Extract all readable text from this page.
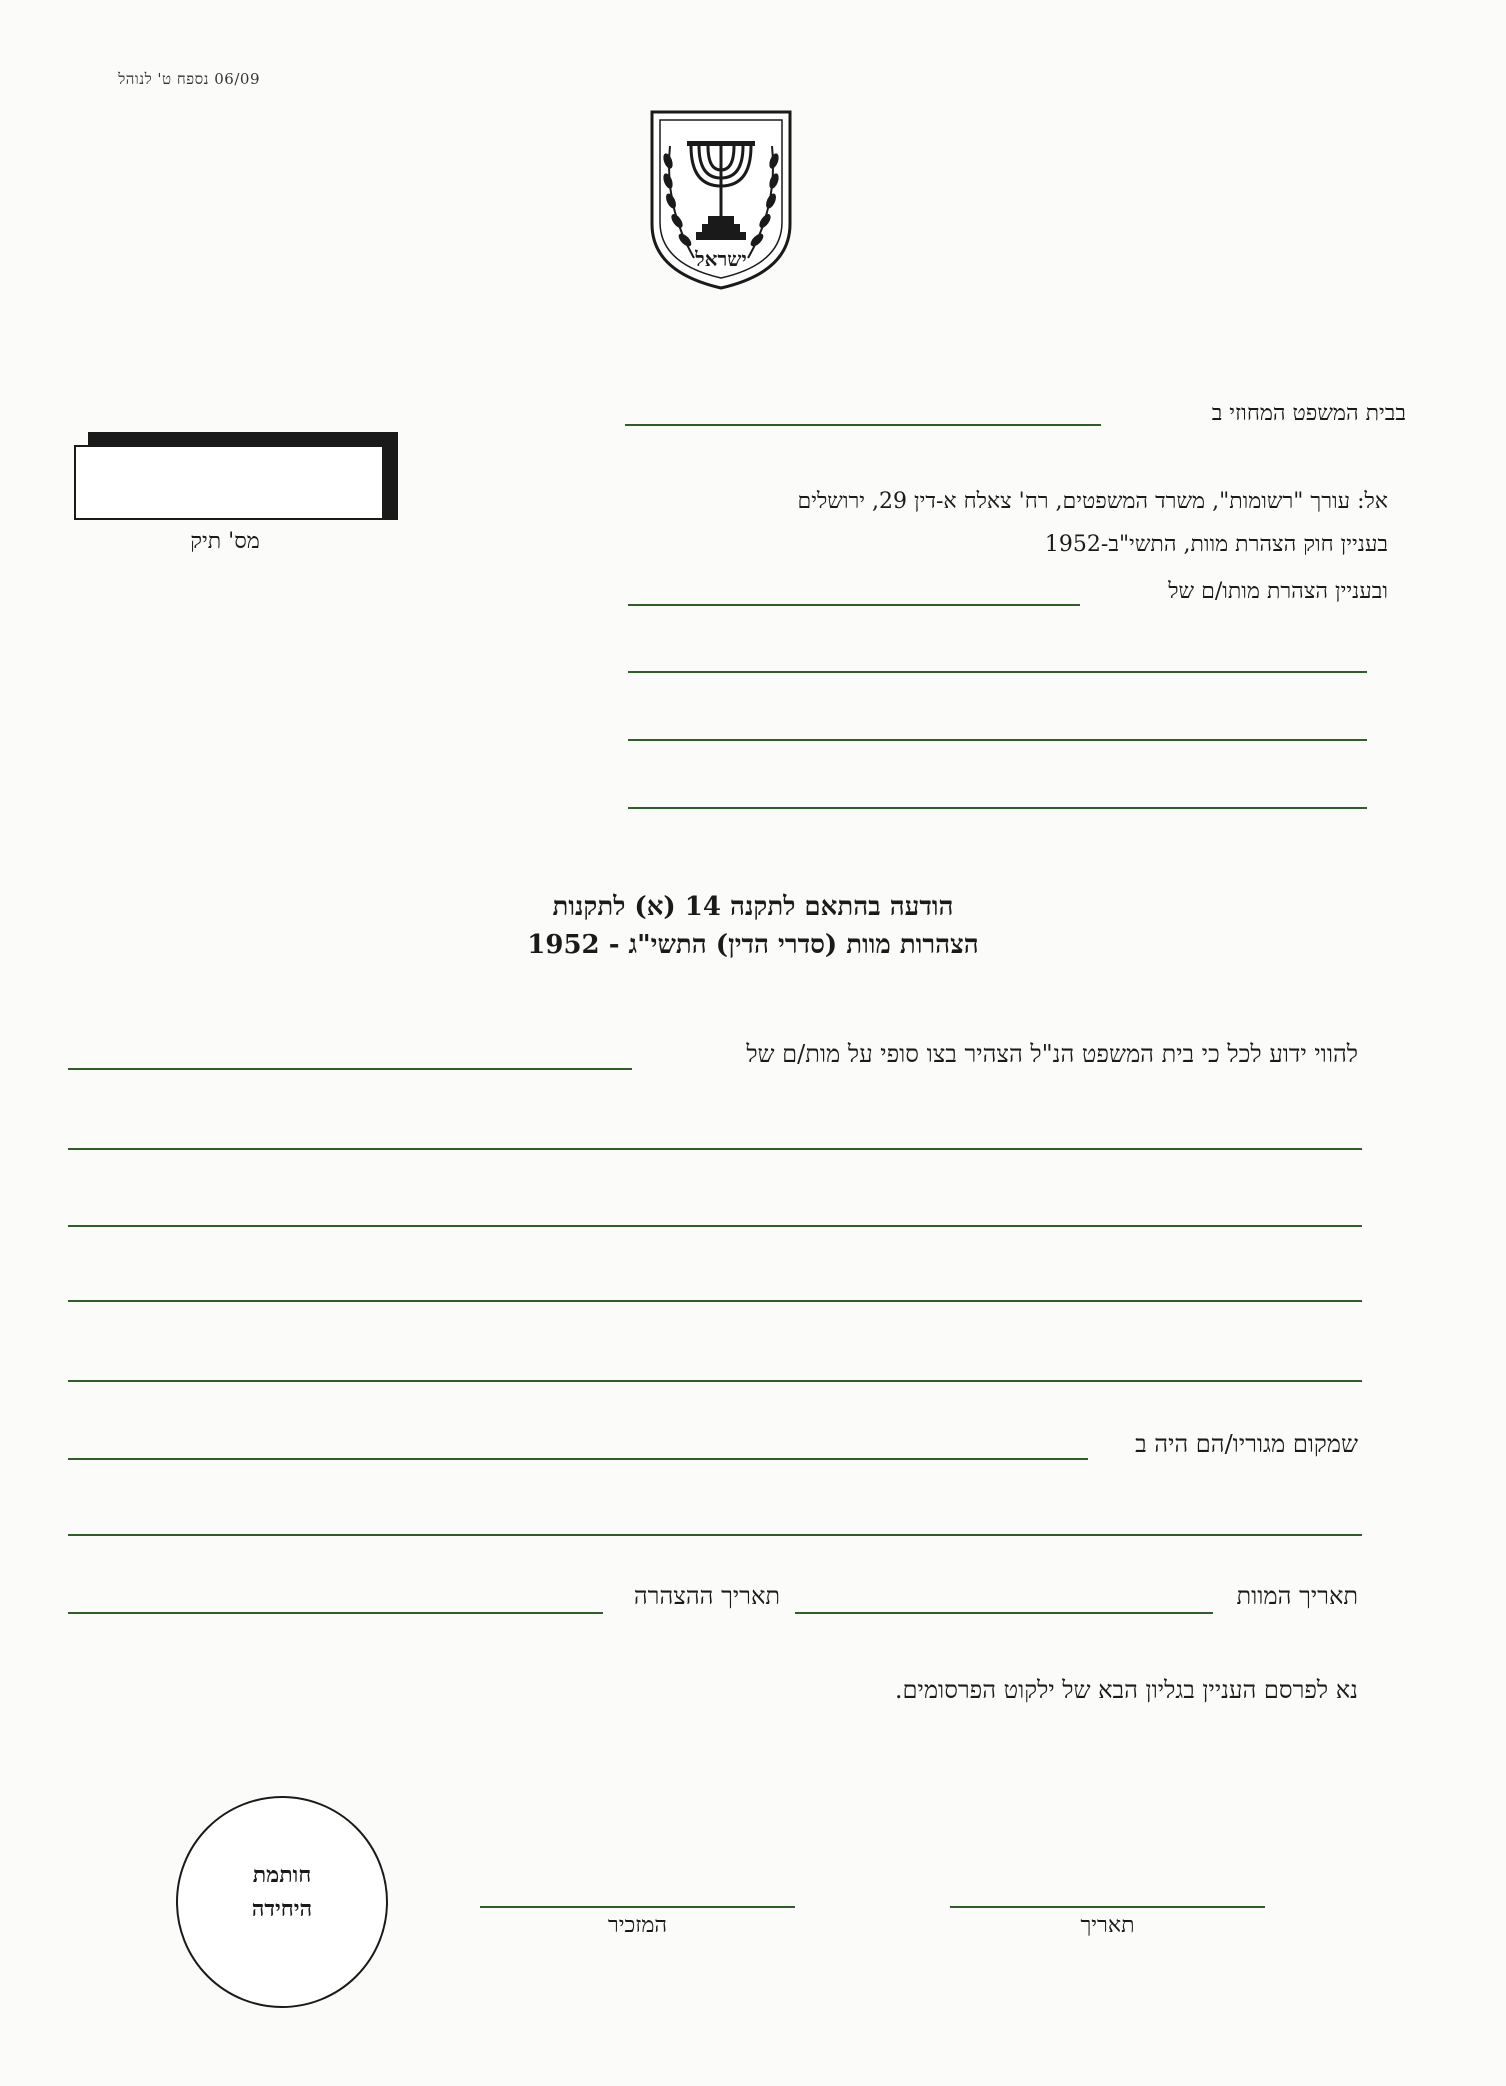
06/09 נספח ט' לנוהל
ישראל
בבית המשפט המחוזי ב
מס' תיק
אל: עורך "רשומות", משרד המשפטים, רח' צאלח א-דין 29, ירושלים
בעניין חוק הצהרת מוות, התשי"ב-1952
ובעניין הצהרת מותו/ם של
הודעה בהתאם לתקנה 14 (א) לתקנות
הצהרות מוות (סדרי הדין) התשי"ג - 1952
להווי ידוע לכל כי בית המשפט הנ"ל הצהיר בצו סופי על מות/ם של
שמקום מגוריו/הם היה ב
תאריך המוות
תאריך ההצהרה
נא לפרסם העניין בגליון הבא של ילקוט הפרסומים.
חותמת
היחידה
המזכיר	תאריך
